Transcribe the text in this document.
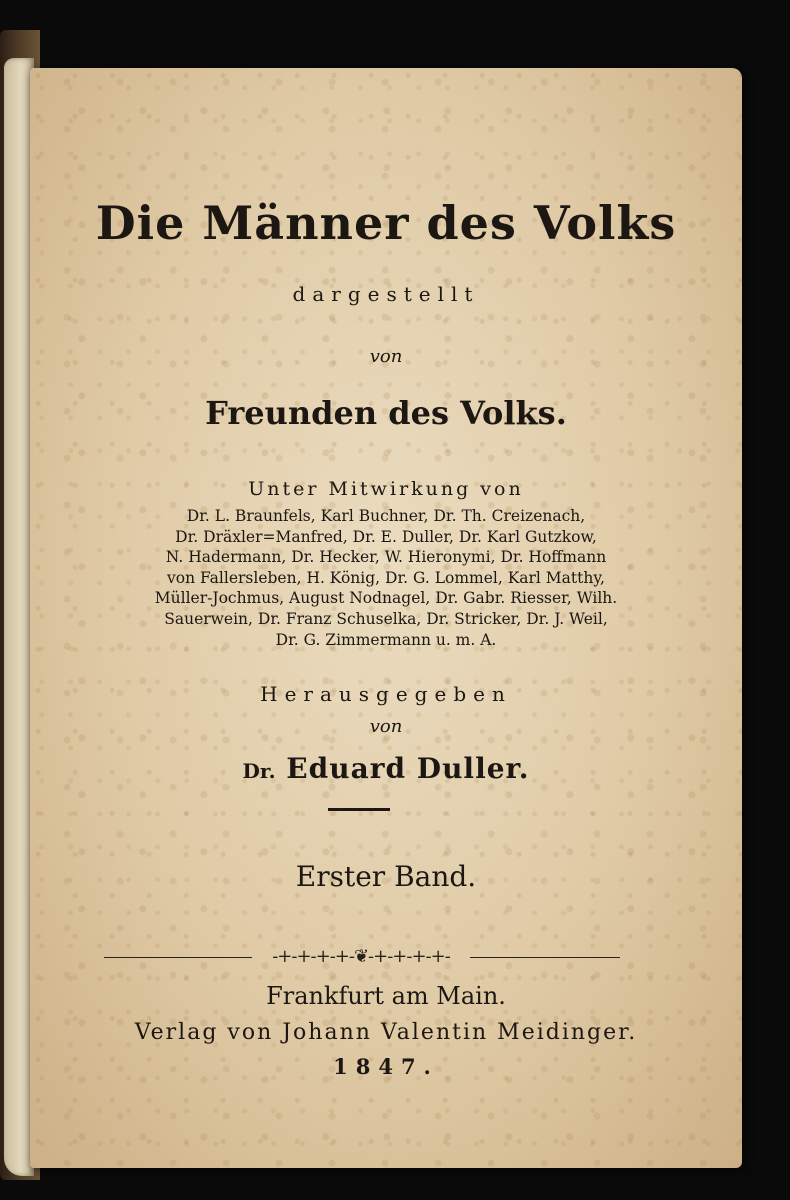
Die Männer des Volks
dargestellt
von
Freunden des Volks.
Unter Mitwirkung von
Dr. L. Braunfels, Karl Buchner, Dr. Th. Creizenach,
Dr. Dräxler=Manfred, Dr. E. Duller, Dr. Karl Gutzkow,
N. Hadermann, Dr. Hecker, W. Hieronymi, Dr. Hoffmann
von Fallersleben, H. König, Dr. G. Lommel, Karl Matthy,
Müller-Jochmus, August Nodnagel, Dr. Gabr. Riesser, Wilh.
Sauerwein, Dr. Franz Schuselka, Dr. Stricker, Dr. J. Weil,
Dr. G. Zimmermann u. m. A.
Herausgegeben
von
Dr. Eduard Duller.
Erster Band.
-+-+-+-+-❦-+-+-+-+-
Frankfurt am Main.
Verlag von Johann Valentin Meidinger.
1847.
